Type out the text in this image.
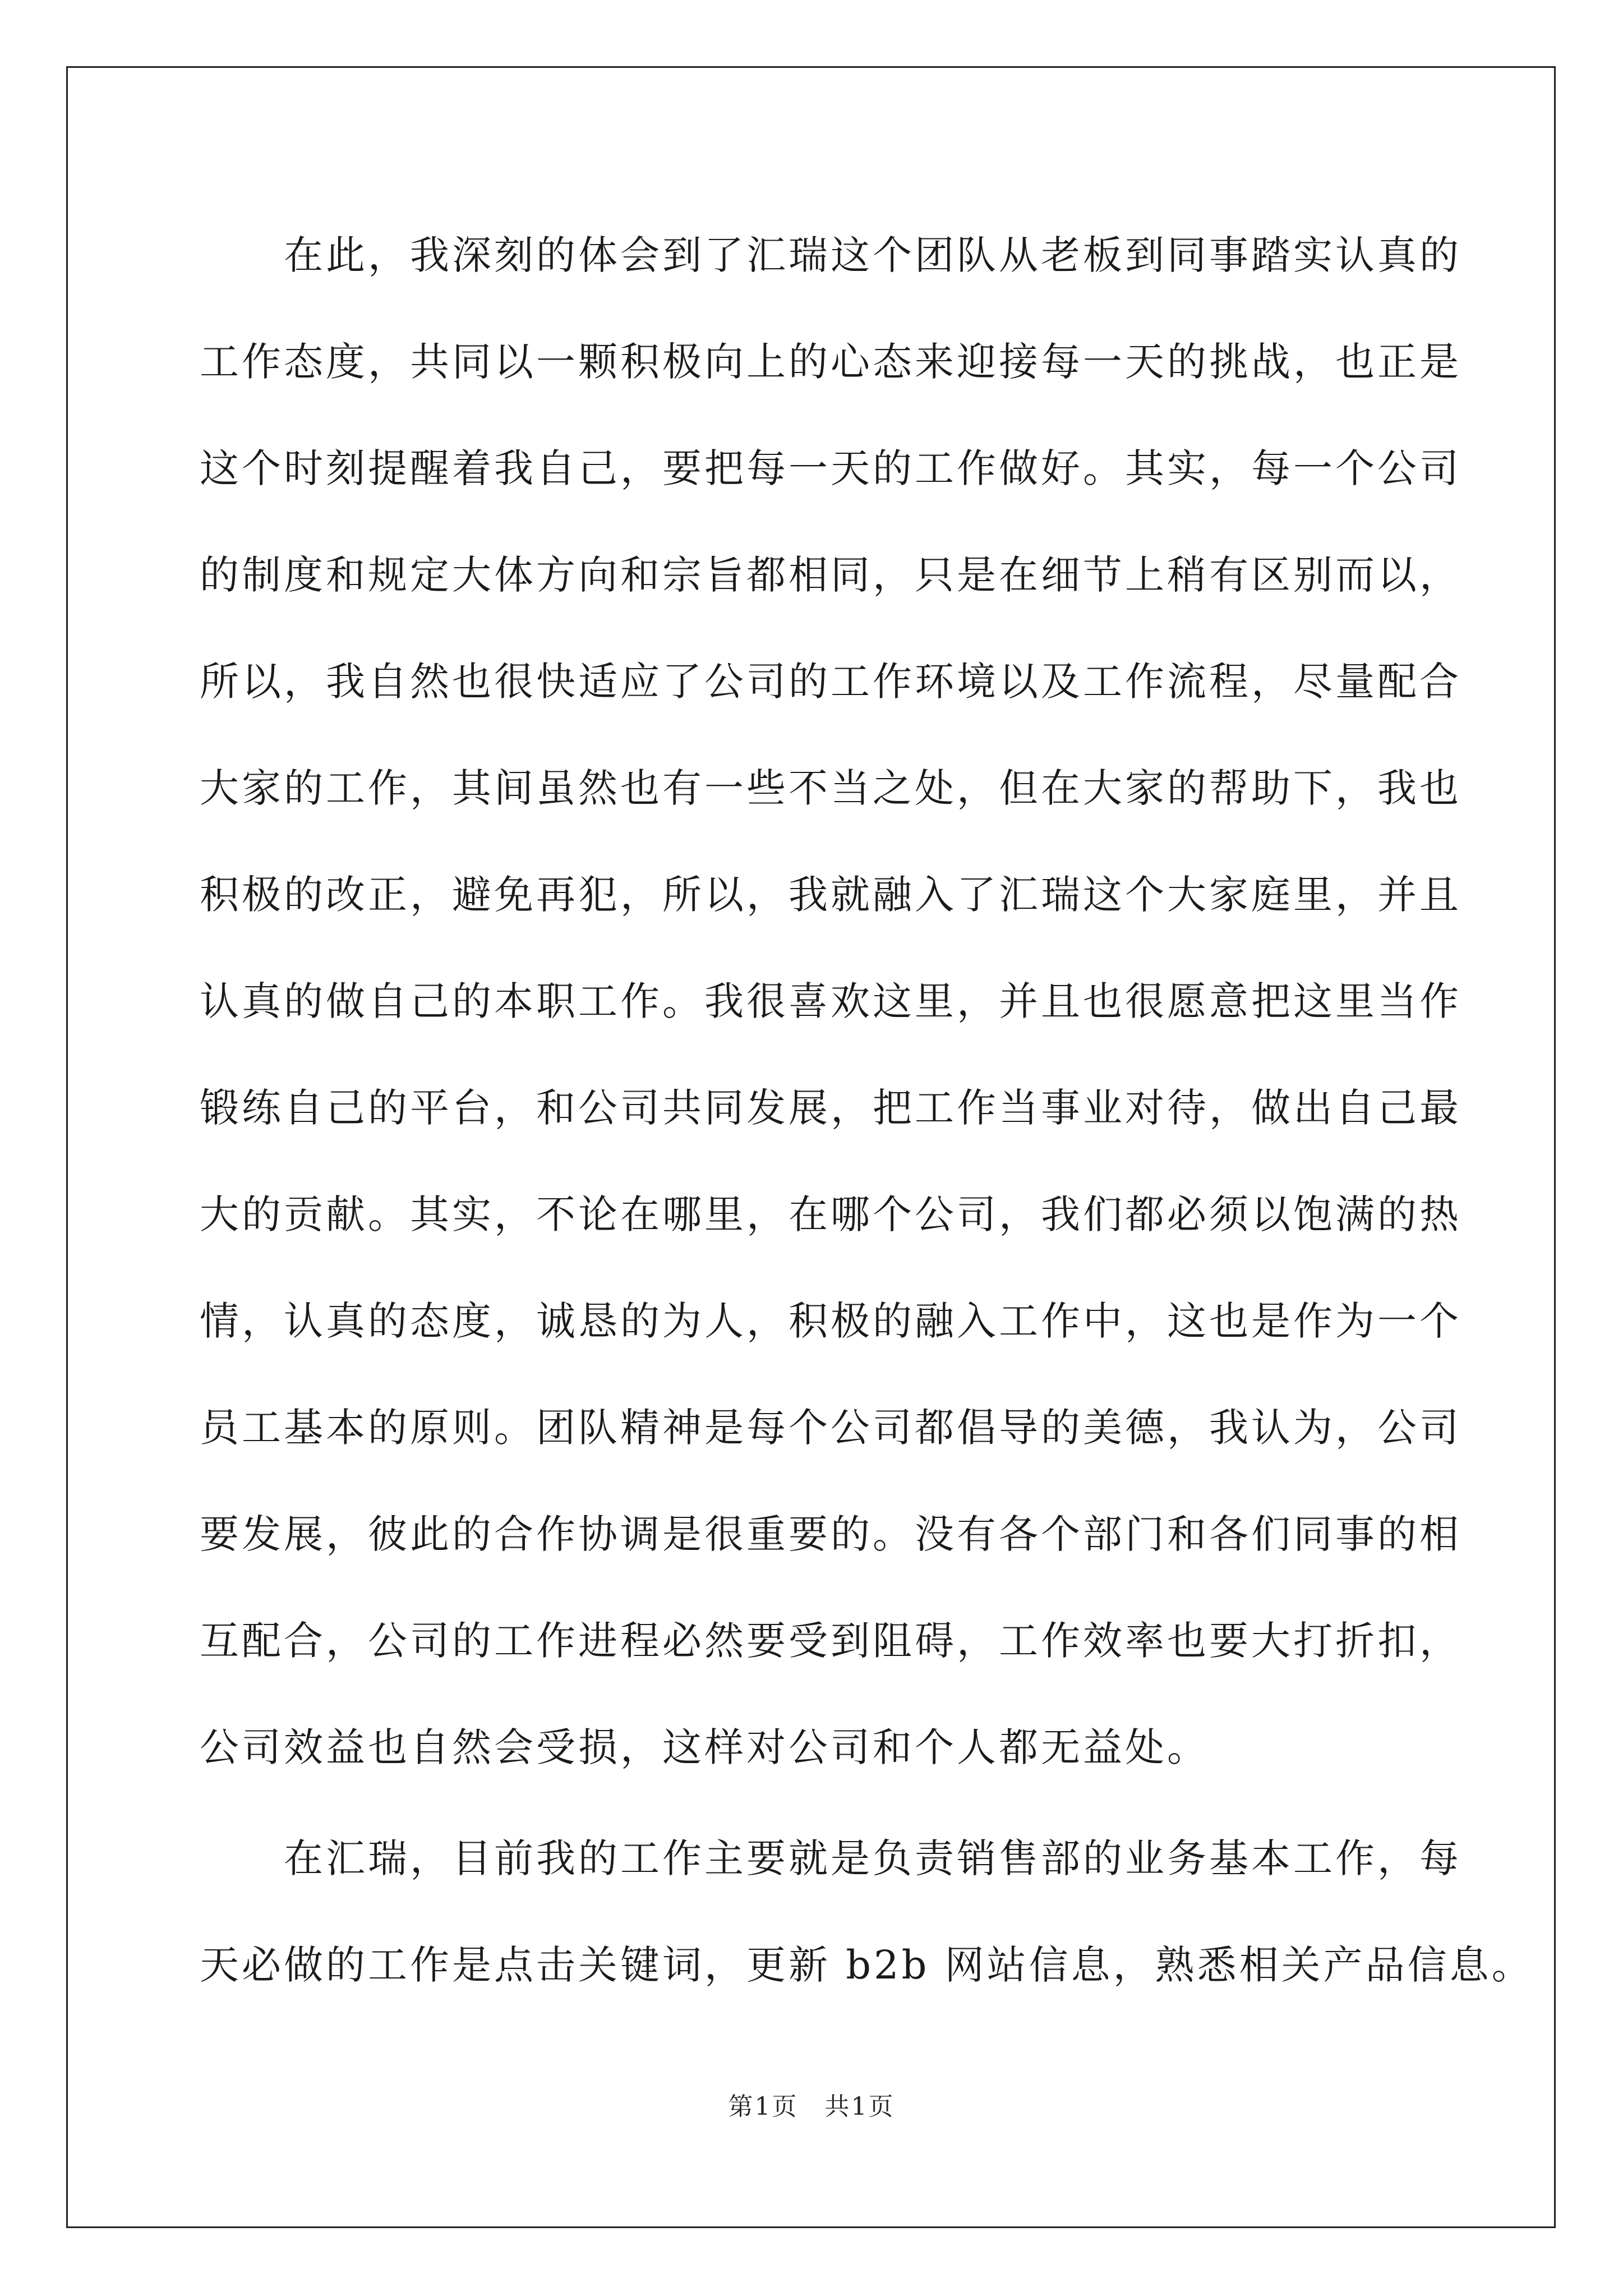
在此，我深刻的体会到了汇瑞这个团队从老板到同事踏实认真的
工作态度，共同以一颗积极向上的心态来迎接每一天的挑战，也正是
这个时刻提醒着我自己，要把每一天的工作做好。其实，每一个公司
的制度和规定大体方向和宗旨都相同，只是在细节上稍有区别而以，
所以，我自然也很快适应了公司的工作环境以及工作流程，尽量配合
大家的工作，其间虽然也有一些不当之处，但在大家的帮助下，我也
积极的改正，避免再犯，所以，我就融入了汇瑞这个大家庭里，并且
认真的做自己的本职工作。我很喜欢这里，并且也很愿意把这里当作
锻练自己的平台，和公司共同发展，把工作当事业对待，做出自己最
大的贡献。其实，不论在哪里，在哪个公司，我们都必须以饱满的热
情，认真的态度，诚恳的为人，积极的融入工作中，这也是作为一个
员工基本的原则。团队精神是每个公司都倡导的美德，我认为，公司
要发展，彼此的合作协调是很重要的。没有各个部门和各们同事的相
互配合，公司的工作进程必然要受到阻碍，工作效率也要大打折扣，
公司效益也自然会受损，这样对公司和个人都无益处。
在汇瑞，目前我的工作主要就是负责销售部的业务基本工作，每
天必做的工作是点击关键词，更新 b2b 网站信息，熟悉相关产品信息。
第1页　共1页
